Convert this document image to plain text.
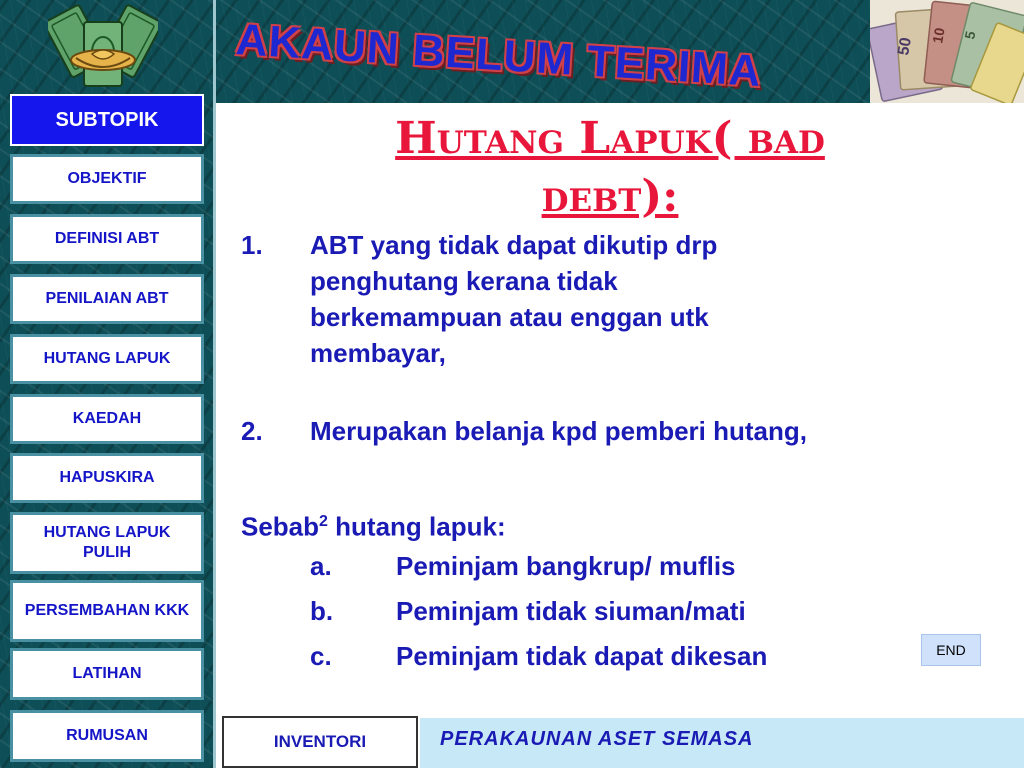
AKAUN BELUM TERIMA	50
10 5
SUBTOPIK
OBJEKTIF
DEFINISI ABT
PENILAIAN ABT
HUTANG LAPUK
KAEDAH
HAPUSKIRA
HUTANG LAPUK PULIH
PERSEMBAHAN KKK
LATIHAN
RUMUSAN
Hutang Lapuk( bad
debt):
1. ABT yang tidak dapat dikutip drp
penghutang kerana tidak
berkemampuan atau enggan utk
membayar,
2. Merupakan belanja kpd pemberi hutang,
Sebab$^2$ hutang lapuk:
a. Peminjam bangkrup/ muflis
b. Peminjam tidak siuman/mati
c. Peminjam tidak dapat dikesan	END
PERAKAUNAN ASET SEMASA
INVENTORI
